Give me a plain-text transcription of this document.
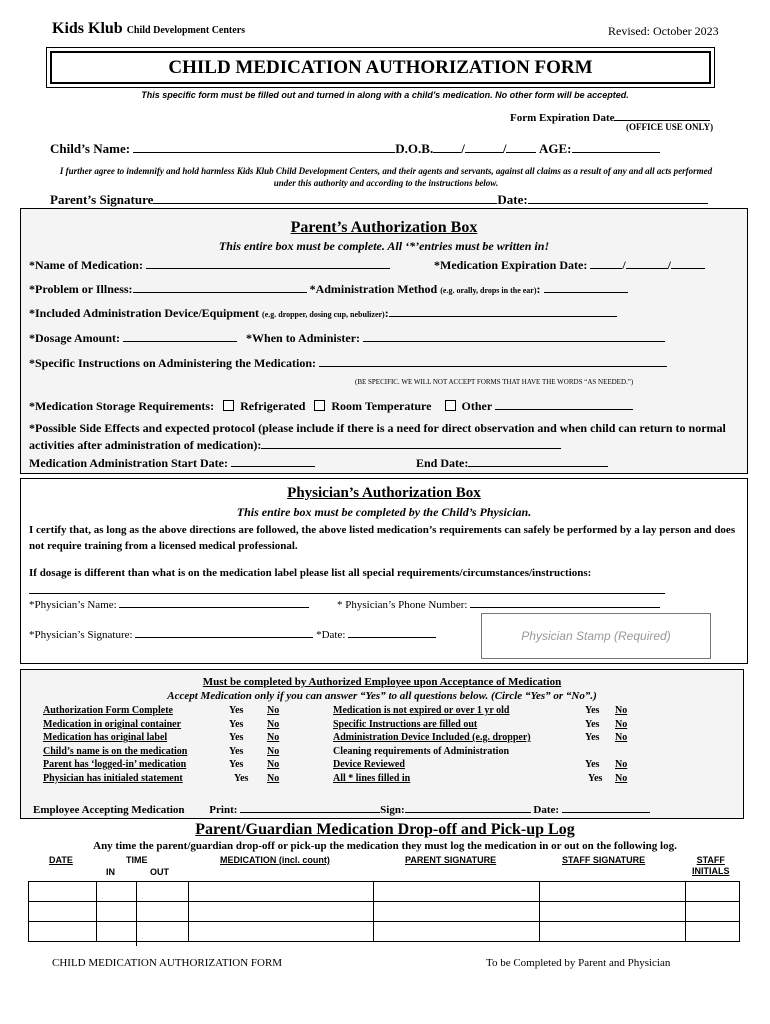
Kids Klub Child Development Centers	Revised: October 2023
CHILD MEDICATION AUTHORIZATION FORM
This specific form must be filled out and turned in along with a child’s medication. No other form will be accepted.
Form Expiration Date
(OFFICE USE ONLY)
Child’s Name:	D.O.B. /	/	AGE:
I further agree to indemnify and hold harmless Kids Klub Child Development Centers, and their agents and servants, against all claims as a result of any and all acts performed under this authority and according to the instructions below.
Parent’s Signature	Date:
Parent’s Authorization Box
This entire box must be complete. All ‘*’entries must be written in!
*Name of Medication:	*Medication Expiration Date:	/	/
*Problem or Illness:	*Administration Method (e.g. orally, drops in the ear):
*Included Administration Device/Equipment (e.g. dropper, dosing cup, nebulizer):
*Dosage Amount:	*When to Administer:
*Specific Instructions on Administering the Medication:
(BE SPECIFIC. WE WILL NOT ACCEPT FORMS THAT HAVE THE WORDS “AS NEEDED.”)
*Medication Storage Requirements: Refrigerated Room Temperature	Other
*Possible Side Effects and expected protocol (please include if there is a need for direct observation and when child can return to normal activities after administration of medication):
Medication Administration Start Date:	End Date:
Physician’s Authorization Box
This entire box must be completed by the Child’s Physician.
I certify that, as long as the above directions are followed, the above listed medication’s requirements can safely be performed by a lay person and does not require training from a licensed medical professional.
If dosage is different than what is on the medication label please list all special requirements/circumstances/instructions:
*Physician’s Name:	* Physician’s Phone Number:
*Physician’s Signature:	*Date:	Physician Stamp (Required)
Must be completed by Authorized Employee upon Acceptance of Medication
Accept Medication only if you can answer “Yes” to all questions below. (Circle “Yes” or “No”.)
Authorization Form Complete	Yes No
Medication in original container	Yes No
Medication has original label	Yes No
Child’s name is on the medication	Yes No
Parent has ‘logged-in’ medication	Yes No
Physician has initialed statement	Yes No
Medication is not expired or over 1 yr old	Yes No
Specific Instructions are filled out	Yes No
Administration Device Included (e.g. dropper)	Yes No
Cleaning requirements of Administration
Device Reviewed	Yes No
All * lines filled in	Yes No
Employee Accepting Medication Print:	Sign:	Date:
Parent/Guardian Medication Drop-off and Pick-up Log
Any time the parent/guardian drop-off or pick-up the medication they must log the medication in or out on the following log.
DATE	TIME
IN	OUT
MEDICATION (incl. count)	PARENT SIGNATURE	STAFF SIGNATURE	STAFF
INITIALS

CHILD MEDICATION AUTHORIZATION FORM	To be Completed by Parent and Physician
